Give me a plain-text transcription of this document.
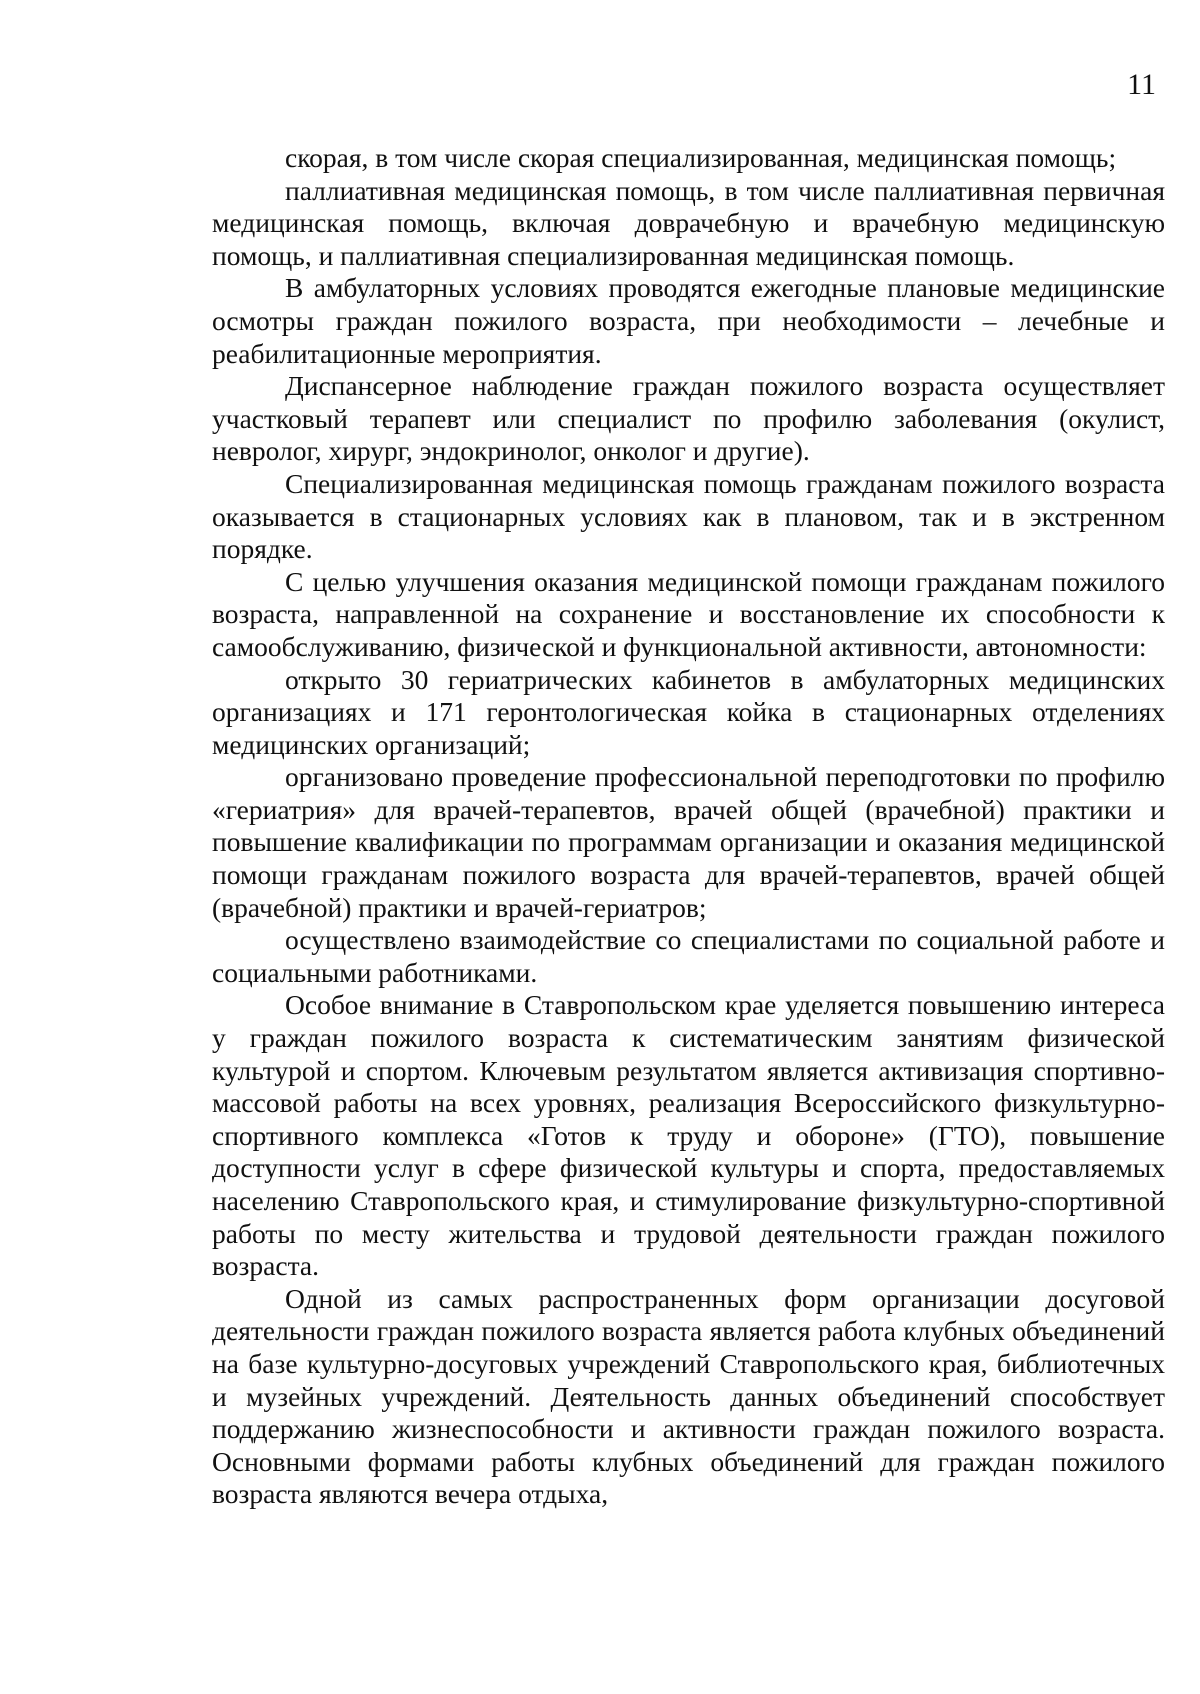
11

скорая, в том числе скорая специализированная, медицинская помощь;

паллиативная медицинская помощь, в том числе паллиативная первичная медицинская помощь, включая доврачебную и врачебную медицинскую помощь, и паллиативная специализированная медицинская помощь.

В амбулаторных условиях проводятся ежегодные плановые медицинские осмотры граждан пожилого возраста, при необходимости – лечебные и реабилитационные мероприятия.

Диспансерное наблюдение граждан пожилого возраста осуществляет участковый терапевт или специалист по профилю заболевания (окулист, невролог, хирург, эндокринолог, онколог и другие).

Специализированная медицинская помощь гражданам пожилого возраста оказывается в стационарных условиях как в плановом, так и в экстренном порядке.

С целью улучшения оказания медицинской помощи гражданам пожилого возраста, направленной на сохранение и восстановление их способности к самообслуживанию, физической и функциональной активности, автономности:

открыто 30 гериатрических кабинетов в амбулаторных медицинских организациях и 171 геронтологическая койка в стационарных отделениях медицинских организаций;

организовано проведение профессиональной переподготовки по профилю «гериатрия» для врачей-терапевтов, врачей общей (врачебной) практики и повышение квалификации по программам организации и оказания медицинской помощи гражданам пожилого возраста для врачей-терапевтов, врачей общей (врачебной) практики и врачей-гериатров;

осуществлено взаимодействие со специалистами по социальной работе и социальными работниками.

Особое внимание в Ставропольском крае уделяется повышению интереса у граждан пожилого возраста к систематическим занятиям физической культурой и спортом. Ключевым результатом является активизация спортивно-массовой работы на всех уровнях, реализация Всероссийского физкультурно-спортивного комплекса «Готов к труду и обороне» (ГТО), повышение доступности услуг в сфере физической культуры и спорта, предоставляемых населению Ставропольского края, и стимулирование физкультурно-спортивной работы по месту жительства и трудовой деятельности граждан пожилого возраста.

Одной из самых распространенных форм организации досуговой деятельности граждан пожилого возраста является работа клубных объединений на базе культурно-досуговых учреждений Ставропольского края, библиотечных и музейных учреждений. Деятельность данных объединений способствует поддержанию жизнеспособности и активности граждан пожилого возраста. Основными формами работы клубных объединений для граждан пожилого возраста являются вечера отдыха,
